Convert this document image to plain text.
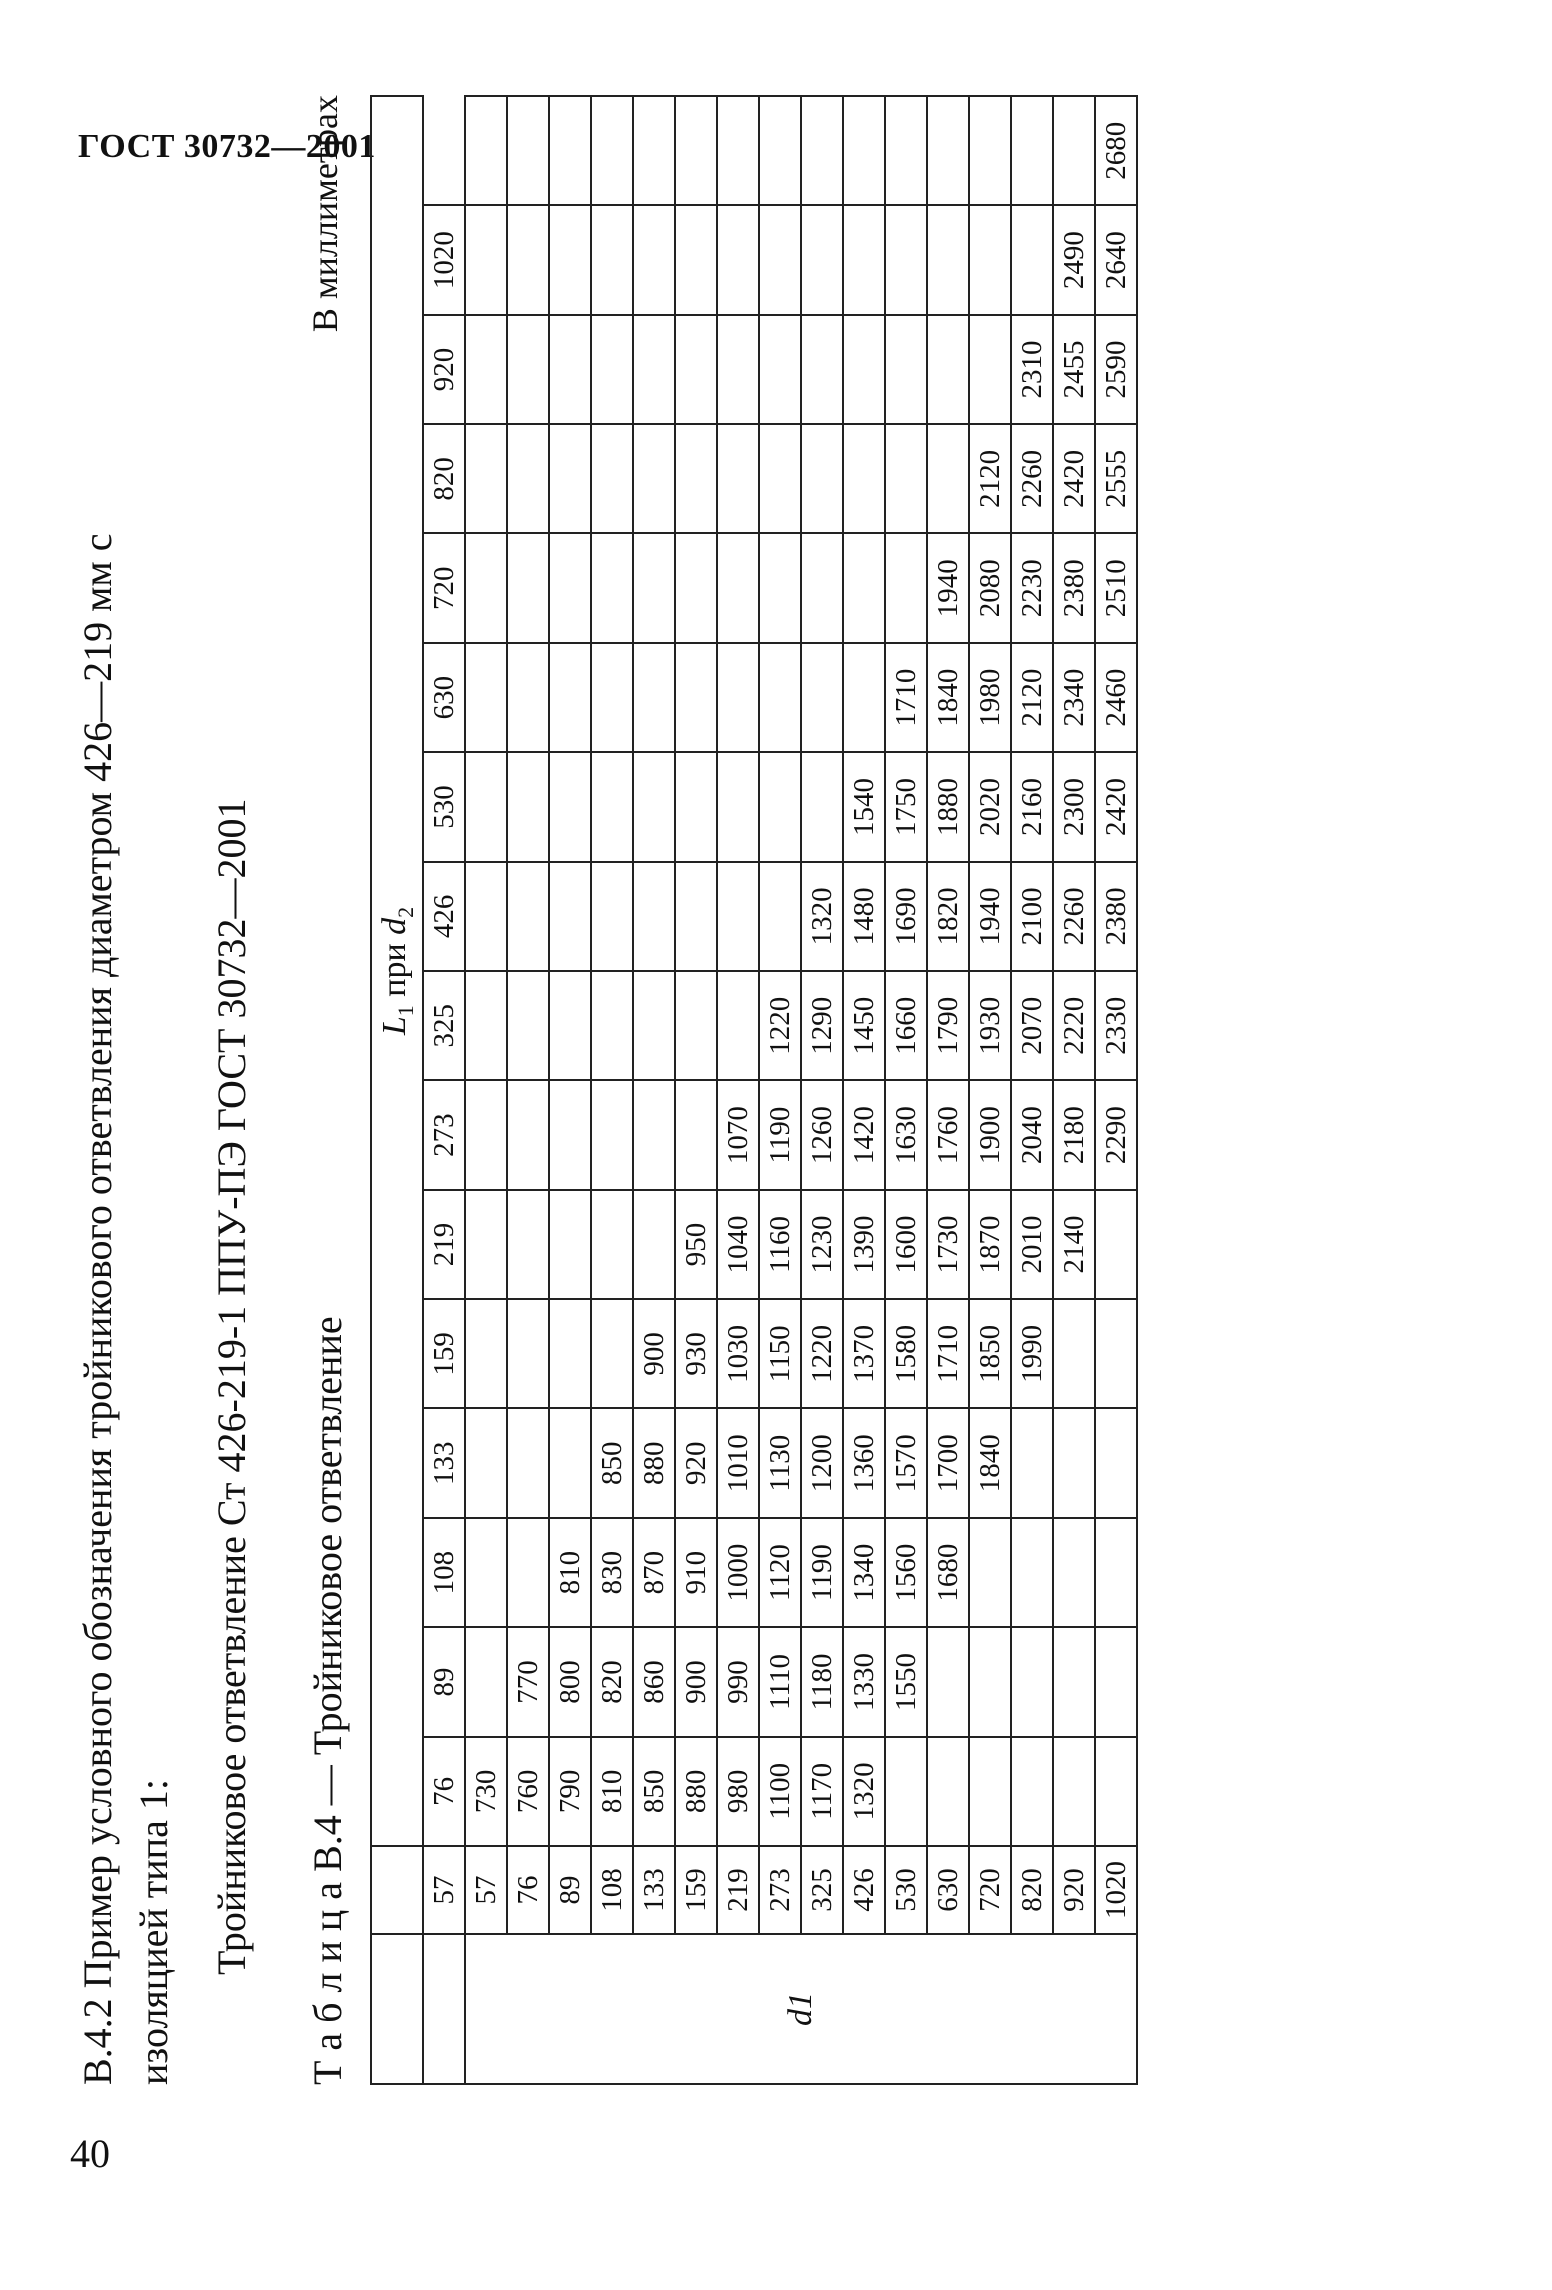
ГОСТ 30732—2001
В.4.2 Пример условного обозначения тройникового ответвления диаметром 426—219 мм с изоляцией типа 1: Тройниковое ответвление Ст 426-219-1 ППУ-ПЭ ГОСТ 30732—2001 Т а б л и ц а В.4 — Тройниковое ответвление
В миллиметрах
		$L_1$ при $d_2$
	57	76	89	108	133	159	219	273	325	426	530	630	720	820	920	1020	
d1	57	730															
	76	760	770														
	89	790	800	810													
	108	810	820	830	850												
	133	850	860	870	880	900											
	159	880	900	910	920	930	950										
	219	980	990	1000	1010	1030	1040	1070									
	273	1100	1110	1120	1130	1150	1160	1190	1220								
	325	1170	1180	1190	1200	1220	1230	1260	1290	1320							
	426	1320	1330	1340	1360	1370	1390	1420	1450	1480	1540						
	530		1550	1560	1570	1580	1600	1630	1660	1690	1750	1710					
	630			1680	1700	1710	1730	1760	1790	1820	1880	1840	1940				
	720				1840	1850	1870	1900	1930	1940	2020	1980	2080	2120			
	820					1990	2010	2040	2070	2100	2160	2120	2230	2260	2310		
	920						2140	2180	2220	2260	2300	2340	2380	2420	2455	2490	
	1020							2290	2330	2380	2420	2460	2510	2555	2590	2640	2680
40
